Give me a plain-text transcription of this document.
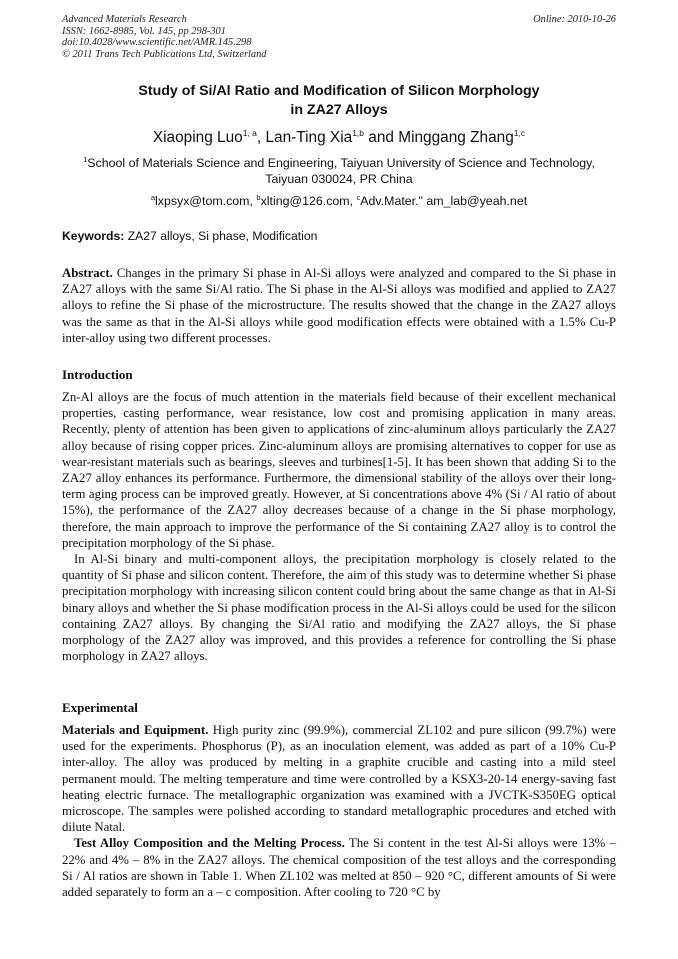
Advanced Materials Research	Online: 2010-10-26
ISSN: 1662-8985, Vol. 145, pp 298-301
doi:10.4028/www.scientific.net/AMR.145.298
© 2011 Trans Tech Publications Ltd, Switzerland
Study of Si/Al Ratio and Modification of Silicon Morphology
in ZA27 Alloys
Xiaoping Luo$^{1, a}$, Lan-Ting Xia$^{1,b}$ and Minggang Zhang$^{1,c}$
$^1$School of Materials Science and Engineering, Taiyuan University of Science and Technology,
Taiyuan 030024, PR China
$^a$lxpsyx@tom.com, $^b$xlting@126.com, $^c$Adv.Mater." am_lab@yeah.net
Keywords: ZA27 alloys, Si phase, Modification
Abstract. Changes in the primary Si phase in Al-Si alloys were analyzed and compared to the Si phase in ZA27 alloys with the same Si/Al ratio. The Si phase in the Al-Si alloys was modified and applied to ZA27 alloys to refine the Si phase of the microstructure. The results showed that the change in the ZA27 alloys was the same as that in the Al-Si alloys while good modification effects were obtained with a 1.5% Cu-P inter-alloy using two different processes.
Introduction

Zn-Al alloys are the focus of much attention in the materials field because of their excellent mechanical properties, casting performance, wear resistance, low cost and promising application in many areas. Recently, plenty of attention has been given to applications of zinc-aluminum alloys particularly the ZA27 alloy because of rising copper prices. Zinc-aluminum alloys are promising alternatives to copper for use as wear-resistant materials such as bearings, sleeves and turbines[1-5]. It has been shown that adding Si to the ZA27 alloy enhances its performance. Furthermore, the dimensional stability of the alloys over their long-term aging process can be improved greatly. However, at Si concentrations above 4% (Si / Al ratio of about 15%), the performance of the ZA27 alloy decreases because of a change in the Si phase morphology, therefore, the main approach to improve the performance of the Si containing ZA27 alloy is to control the precipitation morphology of the Si phase.

In Al-Si binary and multi-component alloys, the precipitation morphology is closely related to the quantity of Si phase and silicon content. Therefore, the aim of this study was to determine whether Si phase precipitation morphology with increasing silicon content could bring about the same change as that in Al-Si binary alloys and whether the Si phase modification process in the Al-Si alloys could be used for the silicon containing ZA27 alloys. By changing the Si/Al ratio and modifying the ZA27 alloys, the Si phase morphology of the ZA27 alloy was improved, and this provides a reference for controlling the Si phase morphology in ZA27 alloys.

Experimental

Materials and Equipment. High purity zinc (99.9%), commercial ZL102 and pure silicon (99.7%) were used for the experiments. Phosphorus (P), as an inoculation element, was added as part of a 10% Cu-P inter-alloy. The alloy was produced by melting in a graphite crucible and casting into a mild steel permanent mould. The melting temperature and time were controlled by a KSX3-20-14 energy-saving fast heating electric furnace. The metallographic organization was examined with a JVCTK-S350EG optical microscope. The samples were polished according to standard metallographic procedures and etched with dilute Natal.

Test Alloy Composition and the Melting Process. The Si content in the test Al-Si alloys were 13% – 22% and 4% – 8% in the ZA27 alloys. The chemical composition of the test alloys and the corresponding Si / Al ratios are shown in Table 1. When ZL102 was melted at 850 – 920 °C, different amounts of Si were added separately to form an a – c composition. After cooling to 720 °C by
